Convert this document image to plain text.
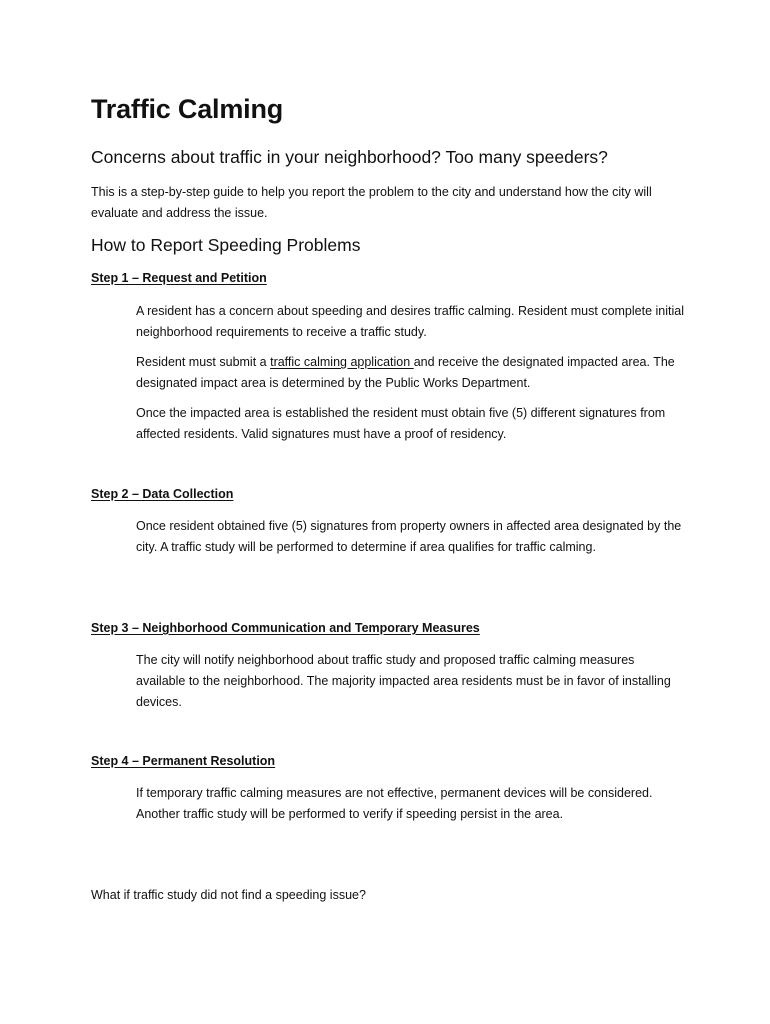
Traffic Calming
Concerns about traffic in your neighborhood? Too many speeders?

This is a step-by-step guide to help you report the problem to the city and understand how the city will evaluate and address the issue.

How to Report Speeding Problems
Step 1 – Request and Petition

A resident has a concern about speeding and desires traffic calming. Resident must complete initial neighborhood requirements to receive a traffic study.

Resident must submit a traffic calming application and receive the designated impacted area. The designated impact area is determined by the Public Works Department.

Once the impacted area is established the resident must obtain five (5) different signatures from affected residents. Valid signatures must have a proof of residency.

Step 2 – Data Collection

Once resident obtained five (5) signatures from property owners in affected area designated by the city. A traffic study will be performed to determine if area qualifies for traffic calming.

Step 3 – Neighborhood Communication and Temporary Measures

The city will notify neighborhood about traffic study and proposed traffic calming measures available to the neighborhood. The majority impacted area residents must be in favor of installing devices.

Step 4 – Permanent Resolution

If temporary traffic calming measures are not effective, permanent devices will be considered. Another traffic study will be performed to verify if speeding persist in the area.

What if traffic study did not find a speeding issue?
